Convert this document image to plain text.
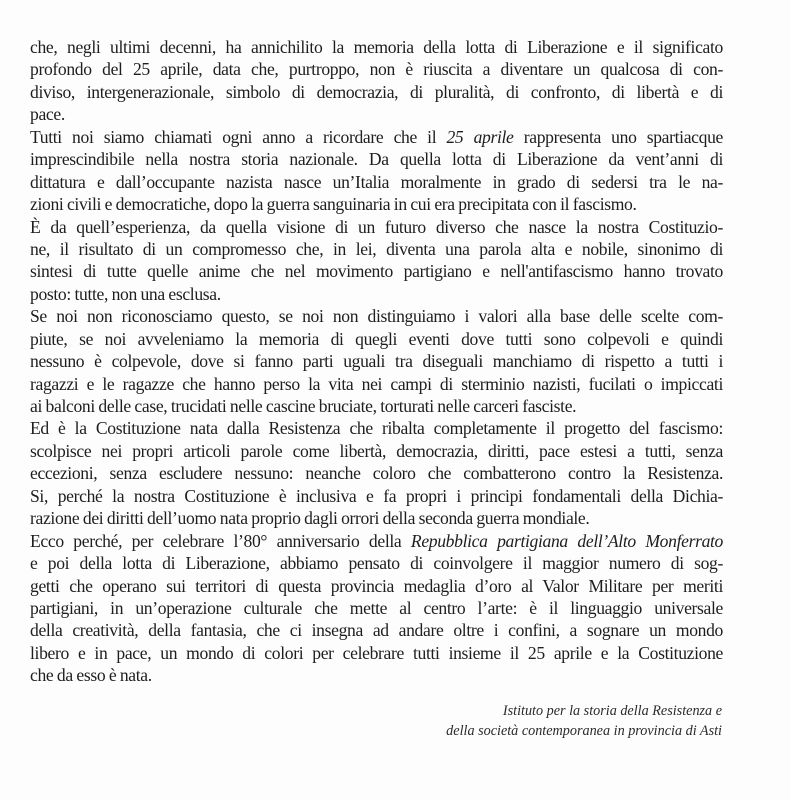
che, negli ultimi decenni, ha annichilito la memoria della lotta di Liberazione e il significato
profondo del 25 aprile, data che, purtroppo, non è riuscita a diventare un qualcosa di con-
diviso, intergenerazionale, simbolo di democrazia, di pluralità, di confronto, di libertà e di
pace.
Tutti noi siamo chiamati ogni anno a ricordare che il 25 aprile rappresenta uno spartiacque
imprescindibile nella nostra storia nazionale. Da quella lotta di Liberazione da vent’anni di
dittatura e dall’occupante nazista nasce un’Italia moralmente in grado di sedersi tra le na-
zioni civili e democratiche, dopo la guerra sanguinaria in cui era precipitata con il fascismo.
È da quell’esperienza, da quella visione di un futuro diverso che nasce la nostra Costituzio-
ne, il risultato di un compromesso che, in lei, diventa una parola alta e nobile, sinonimo di
sintesi di tutte quelle anime che nel movimento partigiano e nell'antifascismo hanno trovato
posto: tutte, non una esclusa.
Se noi non riconosciamo questo, se noi non distinguiamo i valori alla base delle scelte com-
piute, se noi avveleniamo la memoria di quegli eventi dove tutti sono colpevoli e quindi
nessuno è colpevole, dove si fanno parti uguali tra diseguali manchiamo di rispetto a tutti i
ragazzi e le ragazze che hanno perso la vita nei campi di sterminio nazisti, fucilati o impiccati
ai balconi delle case, trucidati nelle cascine bruciate, torturati nelle carceri fasciste.
Ed è la Costituzione nata dalla Resistenza che ribalta completamente il progetto del fascismo:
scolpisce nei propri articoli parole come libertà, democrazia, diritti, pace estesi a tutti, senza
eccezioni, senza escludere nessuno: neanche coloro che combatterono contro la Resistenza.
Si, perché la nostra Costituzione è inclusiva e fa propri i principi fondamentali della Dichia-
razione dei diritti dell’uomo nata proprio dagli orrori della seconda guerra mondiale.
Ecco perché, per celebrare l’80° anniversario della Repubblica partigiana dell’Alto Monferrato
e poi della lotta di Liberazione, abbiamo pensato di coinvolgere il maggior numero di sog-
getti che operano sui territori di questa provincia medaglia d’oro al Valor Militare per meriti
partigiani, in un’operazione culturale che mette al centro l’arte: è il linguaggio universale
della creatività, della fantasia, che ci insegna ad andare oltre i confini, a sognare un mondo
libero e in pace, un mondo di colori per celebrare tutti insieme il 25 aprile e la Costituzione
che da esso è nata.
Istituto per la storia della Resistenza e
della società contemporanea in provincia di Asti
